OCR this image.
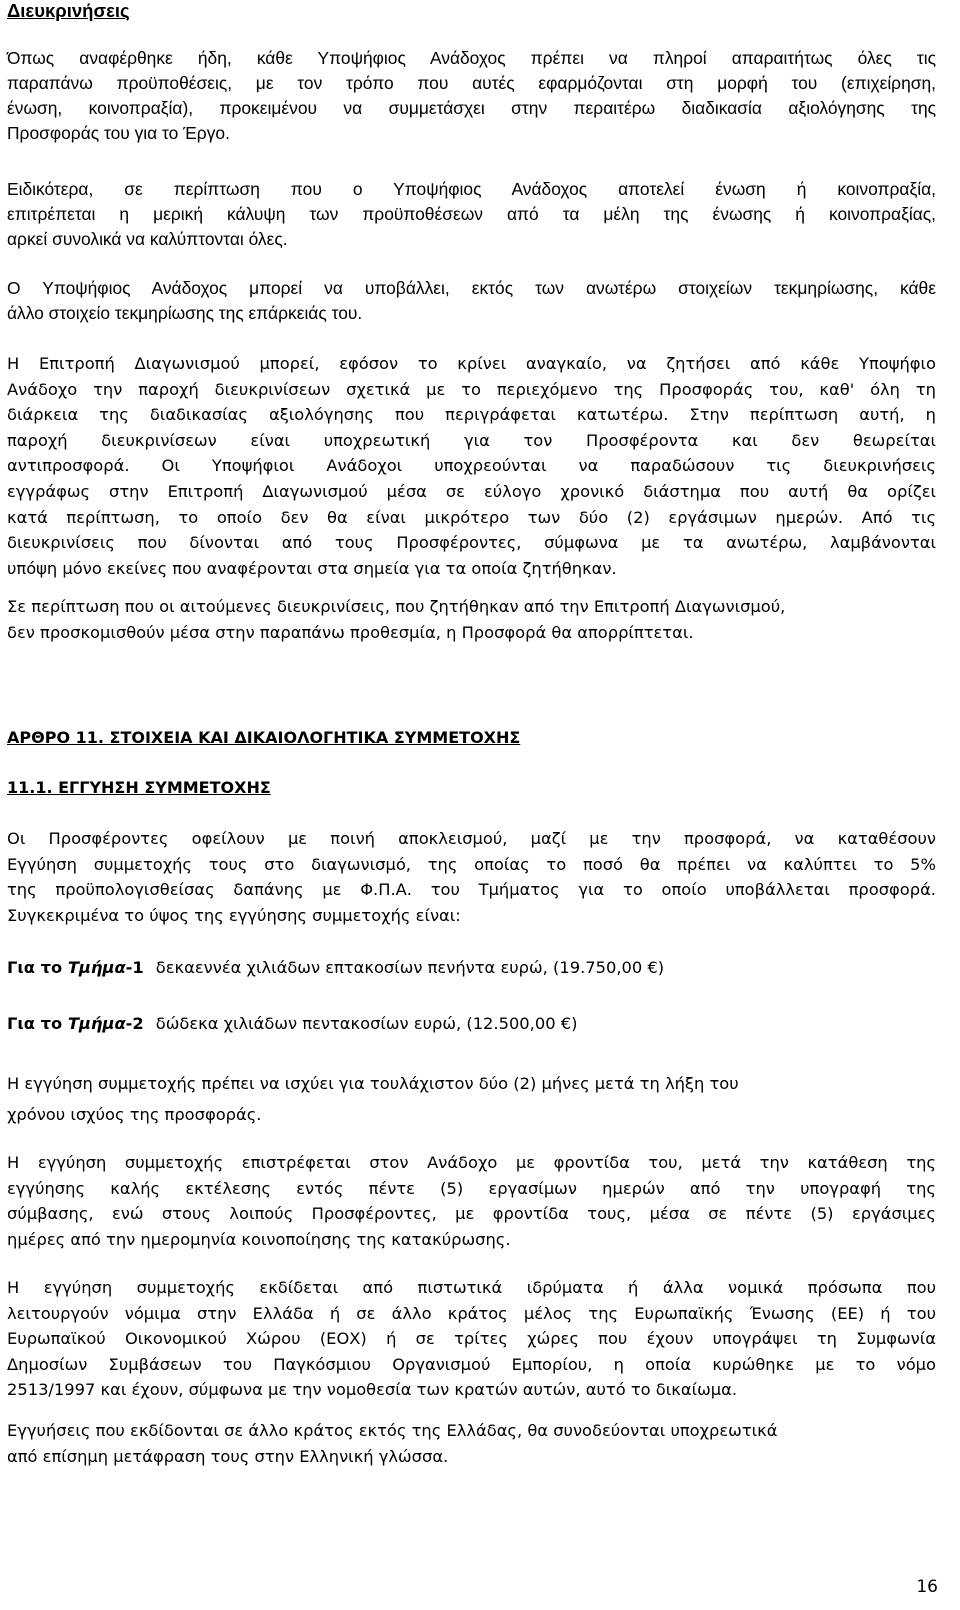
Διευκρινήσεις
Όπως αναφέρθηκε ήδη, κάθε Υποψήφιος Ανάδοχος πρέπει να πληροί απαραιτήτως όλες τις
παραπάνω προϋποθέσεις, με τον τρόπο που αυτές εφαρμόζονται στη μορφή του (επιχείρηση,
ένωση, κοινοπραξία), προκειμένου να συμμετάσχει στην περαιτέρω διαδικασία αξιολόγησης της
Προσφοράς του για το Έργο.
Ειδικότερα, σε περίπτωση που ο Υποψήφιος Ανάδοχος αποτελεί ένωση ή κοινοπραξία,
επιτρέπεται η μερική κάλυψη των προϋποθέσεων από τα μέλη της ένωσης ή κοινοπραξίας,
αρκεί συνολικά να καλύπτονται όλες.
Ο Υποψήφιος Ανάδοχος μπορεί να υποβάλλει, εκτός των ανωτέρω στοιχείων τεκμηρίωσης, κάθε
άλλο στοιχείο τεκμηρίωσης της επάρκειάς του.
Η Επιτροπή Διαγωνισμού μπορεί, εφόσον το κρίνει αναγκαίο, να ζητήσει από κάθε Υποψήφιο
Ανάδοχο την παροχή διευκρινίσεων σχετικά με το περιεχόμενο της Προσφοράς του, καθ' όλη τη
διάρκεια της διαδικασίας αξιολόγησης που περιγράφεται κατωτέρω. Στην περίπτωση αυτή, η
παροχή διευκρινίσεων είναι υποχρεωτική για τον Προσφέροντα και δεν θεωρείται
αντιπροσφορά. Οι Υποψήφιοι Ανάδοχοι υποχρεούνται να παραδώσουν τις διευκρινήσεις
εγγράφως στην Επιτροπή Διαγωνισμού μέσα σε εύλογο χρονικό διάστημα που αυτή θα ορίζει
κατά περίπτωση, το οποίο δεν θα είναι μικρότερο των δύο (2) εργάσιμων ημερών. Από τις
διευκρινίσεις που δίνονται από τους Προσφέροντες, σύμφωνα με τα ανωτέρω, λαμβάνονται
υπόψη μόνο εκείνες που αναφέρονται στα σημεία για τα οποία ζητήθηκαν.
Σε περίπτωση που οι αιτούμενες διευκρινίσεις, που ζητήθηκαν από την Επιτροπή Διαγωνισμού,
δεν προσκομισθούν μέσα στην παραπάνω προθεσμία, η Προσφορά θα απορρίπτεται.
ΑΡΘΡΟ 11. ΣΤΟΙΧΕΙΑ ΚΑΙ ΔΙΚΑΙΟΛΟΓΗΤΙΚΑ ΣΥΜΜΕΤΟΧΗΣ
11.1. ΕΓΓΥΗΣΗ ΣΥΜΜΕΤΟΧΗΣ
Οι Προσφέροντες οφείλουν με ποινή αποκλεισμού, μαζί με την προσφορά, να καταθέσουν
Εγγύηση συμμετοχής τους στο διαγωνισμό, της οποίας το ποσό θα πρέπει να καλύπτει το 5%
της προϋπολογισθείσας δαπάνης με Φ.Π.Α. του Τμήματος για το οποίο υποβάλλεται προσφορά.
Συγκεκριμένα το ύψος της εγγύησης συμμετοχής είναι:
Για το Τμήμα-1 δεκαεννέα χιλιάδων επτακοσίων πενήντα ευρώ, (19.750,00 €)
Για το Τμήμα-2 δώδεκα χιλιάδων πεντακοσίων ευρώ, (12.500,00 €)
Η εγγύηση συμμετοχής πρέπει να ισχύει για τουλάχιστον δύο (2) μήνες μετά τη λήξη του
χρόνου ισχύος της προσφοράς.
Η εγγύηση συμμετοχής επιστρέφεται στον Ανάδοχο με φροντίδα του, μετά την κατάθεση της
εγγύησης καλής εκτέλεσης εντός πέντε (5) εργασίμων ημερών από την υπογραφή της
σύμβασης, ενώ στους λοιπούς Προσφέροντες, με φροντίδα τους, μέσα σε πέντε (5) εργάσιμες
ημέρες από την ημερομηνία κοινοποίησης της κατακύρωσης.
Η εγγύηση συμμετοχής εκδίδεται από πιστωτικά ιδρύματα ή άλλα νομικά πρόσωπα που
λειτουργούν νόμιμα στην Ελλάδα ή σε άλλο κράτος μέλος της Ευρωπαϊκής Ένωσης (ΕΕ) ή του
Ευρωπαϊκού Οικονομικού Χώρου (ΕΟΧ) ή σε τρίτες χώρες που έχουν υπογράψει τη Συμφωνία
Δημοσίων Συμβάσεων του Παγκόσμιου Οργανισμού Εμπορίου, η οποία κυρώθηκε με το νόμο
2513/1997 και έχουν, σύμφωνα με την νομοθεσία των κρατών αυτών, αυτό το δικαίωμα.
Εγγυήσεις που εκδίδονται σε άλλο κράτος εκτός της Ελλάδας, θα συνοδεύονται υποχρεωτικά
από επίσημη μετάφραση τους στην Ελληνική γλώσσα.
16
